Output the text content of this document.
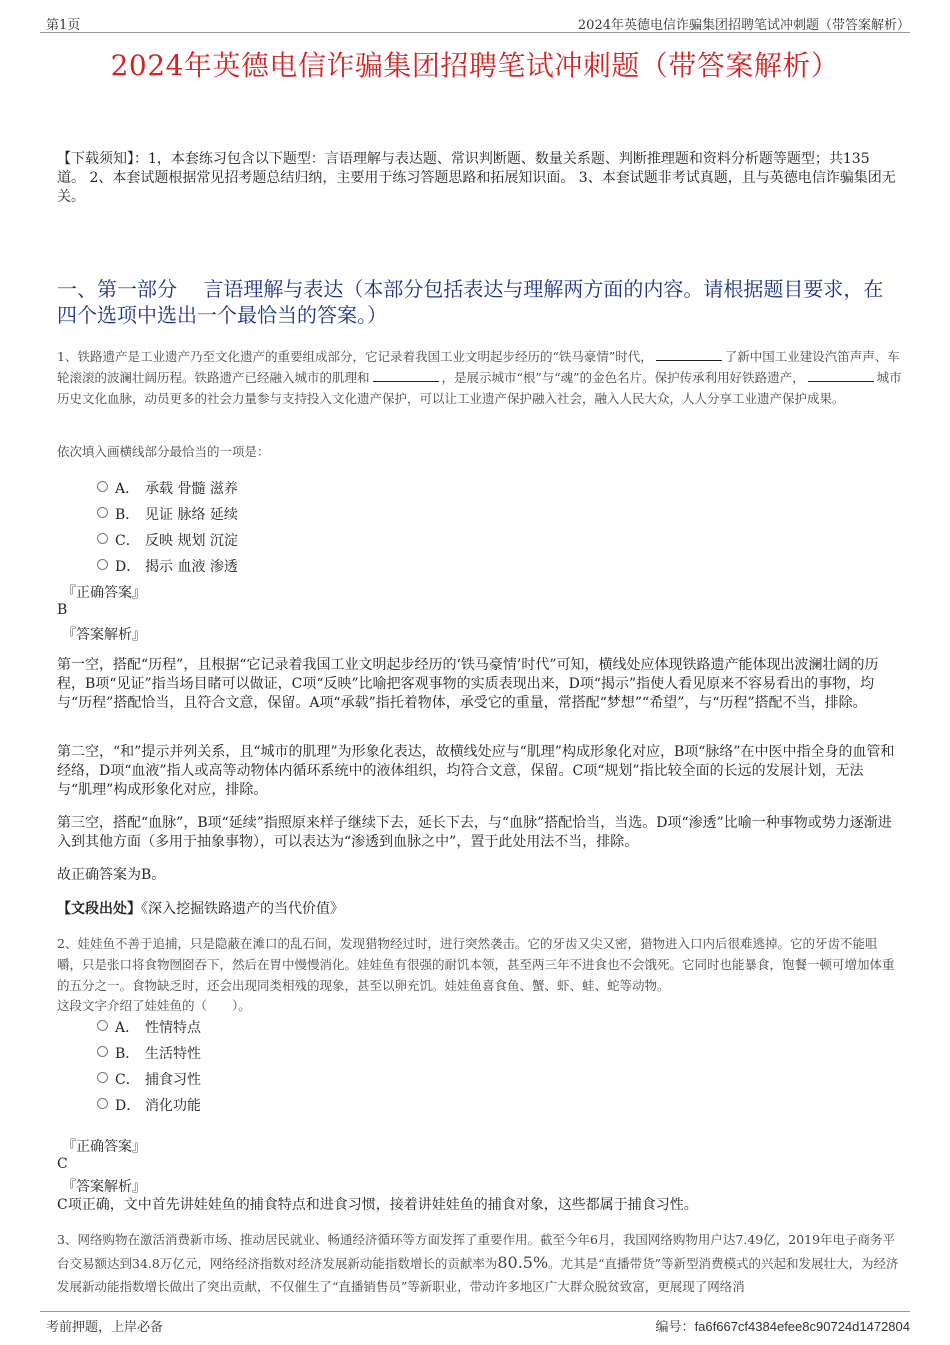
第1页	2024年英德电信诈骗集团招聘笔试冲刺题（带答案解析）
2024年英德电信诈骗集团招聘笔试冲刺题（带答案解析）
【下载须知】：1，本套练习包含以下题型：言语理解与表达题、常识判断题、数量关系题、判断推理题和资料分析题等题型；共135道。 2、本套试题根据常见招考题总结归纳，主要用于练习答题思路和拓展知识面。 3、本套试题非考试真题，且与英德电信诈骗集团无关。
一、第一部分　 言语理解与表达（本部分包括表达与理解两方面的内容。请根据题目要求，在四个选项中选出一个最恰当的答案。）
1、铁路遗产是工业遗产乃至文化遗产的重要组成部分，它记录着我国工业文明起步经历的“铁马豪情”时代，	了新中国工业建设汽笛声声、车轮滚滚的波澜壮阔历程。铁路遗产已经融入城市的肌理和	，是展示城市“根”与“魂”的金色名片。保护传承利用好铁路遗产，	城市历史文化血脉，动员更多的社会力量参与支持投入文化遗产保护，可以让工业遗产保护融入社会，融入人民大众，人人分享工业遗产保护成果。
依次填入画横线部分最恰当的一项是：
A． 承载 骨髓 滋养
B． 见证 脉络 延续
C． 反映 规划 沉淀
D． 揭示 血液 渗透
『正确答案』
B
『答案解析』
第一空，搭配“历程”，且根据“它记录着我国工业文明起步经历的‘铁马豪情’时代”可知，横线处应体现铁路遗产能体现出波澜壮阔的历程，B项“见证”指当场目睹可以做证，C项“反映”比喻把客观事物的实质表现出来，D项“揭示”指使人看见原来不容易看出的事物，均与“历程”搭配恰当，且符合文意，保留。A项“承载”指托着物体，承受它的重量，常搭配“梦想”“希望”，与“历程”搭配不当，排除。
第二空，“和”提示并列关系，且“城市的肌理”为形象化表达，故横线处应与“肌理”构成形象化对应，B项“脉络”在中医中指全身的血管和经络，D项“血液”指人或高等动物体内循环系统中的液体组织，均符合文意，保留。C项“规划”指比较全面的长远的发展计划，无法与“肌理”构成形象化对应，排除。
第三空，搭配“血脉”，B项“延续”指照原来样子继续下去，延长下去，与“血脉”搭配恰当，当选。D项“渗透”比喻一种事物或势力逐渐进入到其他方面（多用于抽象事物），可以表达为“渗透到血脉之中”，置于此处用法不当，排除。
故正确答案为B。
【文段出处】《深入挖掘铁路遗产的当代价值》
2、娃娃鱼不善于追捕，只是隐蔽在滩口的乱石间，发现猎物经过时，进行突然袭击。它的牙齿又尖又密，猎物进入口内后很难逃掉。它的牙齿不能咀嚼，只是张口将食物囫囵吞下，然后在胃中慢慢消化。娃娃鱼有很强的耐饥本领，甚至两三年不进食也不会饿死。它同时也能暴食，饱餐一顿可增加体重的五分之一。食物缺乏时，还会出现同类相残的现象，甚至以卵充饥。娃娃鱼喜食鱼、蟹、虾、蛙、蛇等动物。
这段文字介绍了娃娃鱼的（　　）。
A． 性情特点
B． 生活特性
C． 捕食习性
D． 消化功能
『正确答案』
C
『答案解析』
C项正确，文中首先讲娃娃鱼的捕食特点和进食习惯，接着讲娃娃鱼的捕食对象，这些都属于捕食习性。
3、网络购物在激活消费新市场、推动居民就业、畅通经济循环等方面发挥了重要作用。截至今年6月，我国网络购物用户达7.49亿，2019年电子商务平台交易额达到34.8万亿元，网络经济指数对经济发展新动能指数增长的贡献率为80.5%。尤其是“直播带货”等新型消费模式的兴起和发展壮大，为经济发展新动能指数增长做出了突出贡献，不仅催生了“直播销售员”等新职业，带动许多地区广大群众脱贫致富，更展现了网络消
考前押题，上岸必备	编号：fa6f667cf4384efee8c90724d1472804
